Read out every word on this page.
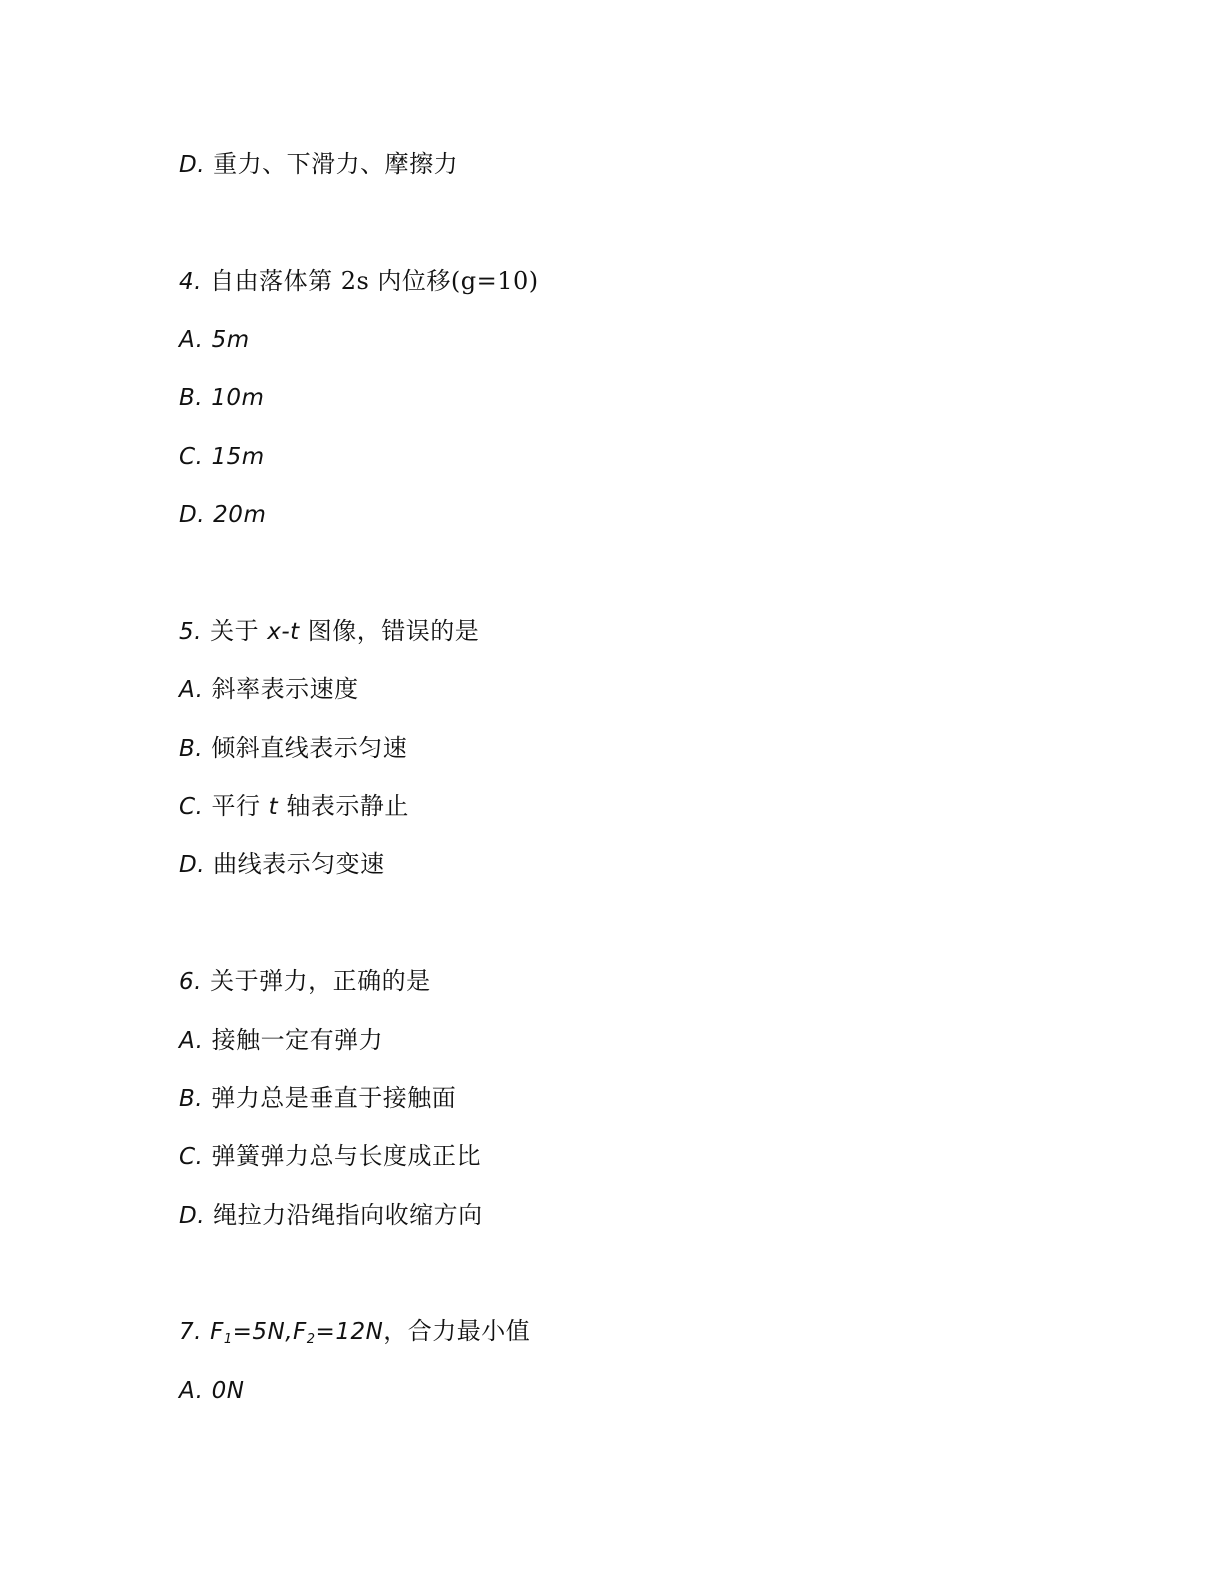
D. 重力、下滑力、摩擦力
4. 自由落体第 2s 内位移(g=10)
A. 5m
B. 10m
C. 15m
D. 20m
5. 关于 x-t 图像，错误的是
A. 斜率表示速度
B. 倾斜直线表示匀速
C. 平行 t 轴表示静止
D. 曲线表示匀变速
6. 关于弹力，正确的是
A. 接触一定有弹力
B. 弹力总是垂直于接触面
C. 弹簧弹力总与长度成正比
D. 绳拉力沿绳指向收缩方向
7. $F_1=5N,F_2=12N$，合力最小值
A. 0N
